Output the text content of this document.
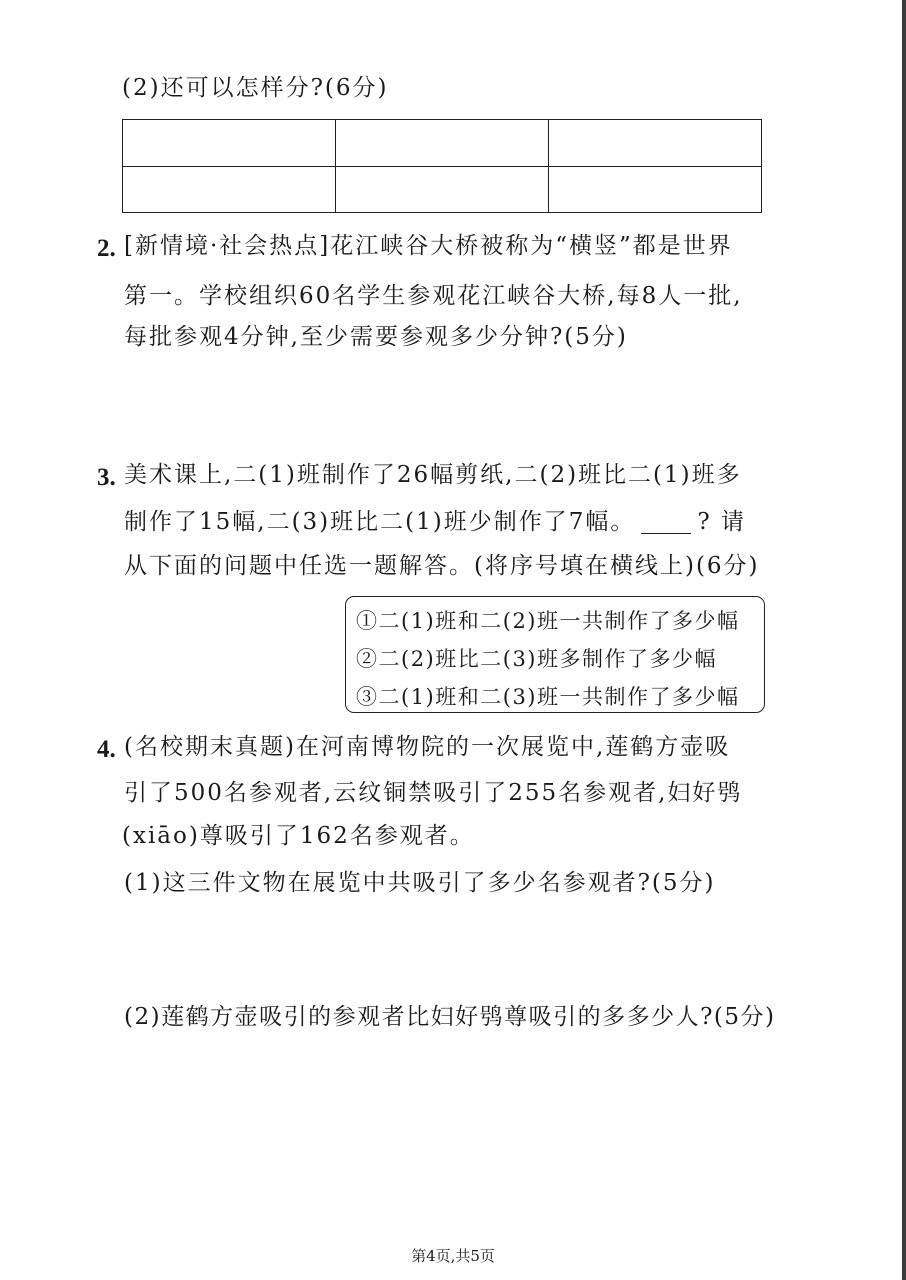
(2)还可以怎样分?(6分)

2. [新情境·社会热点]花江峡谷大桥被称为“横竖”都是世界
第一。学校组织60名学生参观花江峡谷大桥,每8人一批,
每批参观4分钟,至少需要参观多少分钟?(5分)
3. 美术课上,二(1)班制作了26幅剪纸,二(2)班比二(1)班多
制作了15幅,二(3)班比二(1)班少制作了7幅。	? 请
从下面的问题中任选一题解答。(将序号填在横线上)(6分)
①二(1)班和二(2)班一共制作了多少幅
②二(2)班比二(3)班多制作了多少幅
③二(1)班和二(3)班一共制作了多少幅
4. (名校期末真题)在河南博物院的一次展览中,莲鹤方壶吸
引了500名参观者,云纹铜禁吸引了255名参观者,妇好鸮
(xiāo)尊吸引了162名参观者。
(1)这三件文物在展览中共吸引了多少名参观者?(5分)
(2)莲鹤方壶吸引的参观者比妇好鸮尊吸引的多多少人?(5分)
第4页,共5页
